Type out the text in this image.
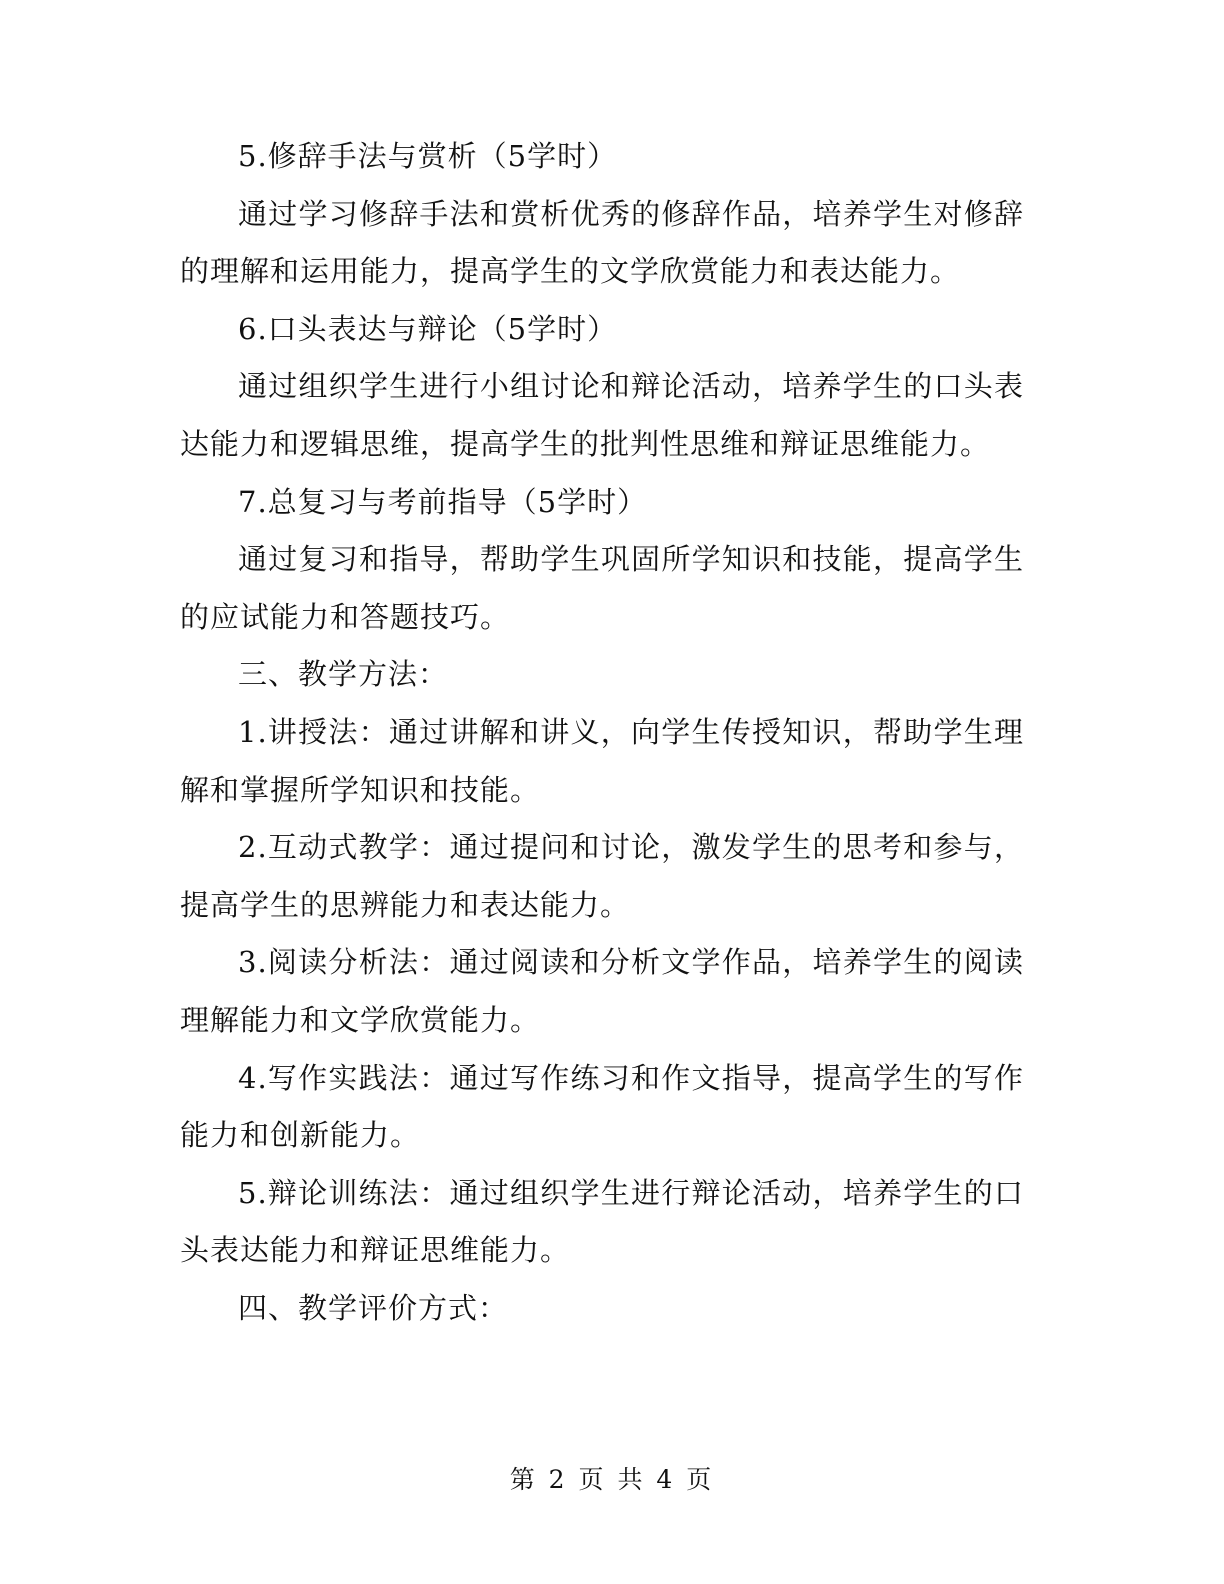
5.修辞手法与赏析（5学时）

通过学习修辞手法和赏析优秀的修辞作品，培养学生对修辞的理解和运用能力，提高学生的文学欣赏能力和表达能力。

6.口头表达与辩论（5学时）

通过组织学生进行小组讨论和辩论活动，培养学生的口头表达能力和逻辑思维，提高学生的批判性思维和辩证思维能力。

7.总复习与考前指导（5学时）

通过复习和指导，帮助学生巩固所学知识和技能，提高学生的应试能力和答题技巧。

三、教学方法：

1.讲授法：通过讲解和讲义，向学生传授知识，帮助学生理解和掌握所学知识和技能。

2.互动式教学：通过提问和讨论，激发学生的思考和参与，提高学生的思辨能力和表达能力。

3.阅读分析法：通过阅读和分析文学作品，培养学生的阅读理解能力和文学欣赏能力。

4.写作实践法：通过写作练习和作文指导，提高学生的写作能力和创新能力。

5.辩论训练法：通过组织学生进行辩论活动，培养学生的口头表达能力和辩证思维能力。

四、教学评价方式：

第 2 页 共 4 页
